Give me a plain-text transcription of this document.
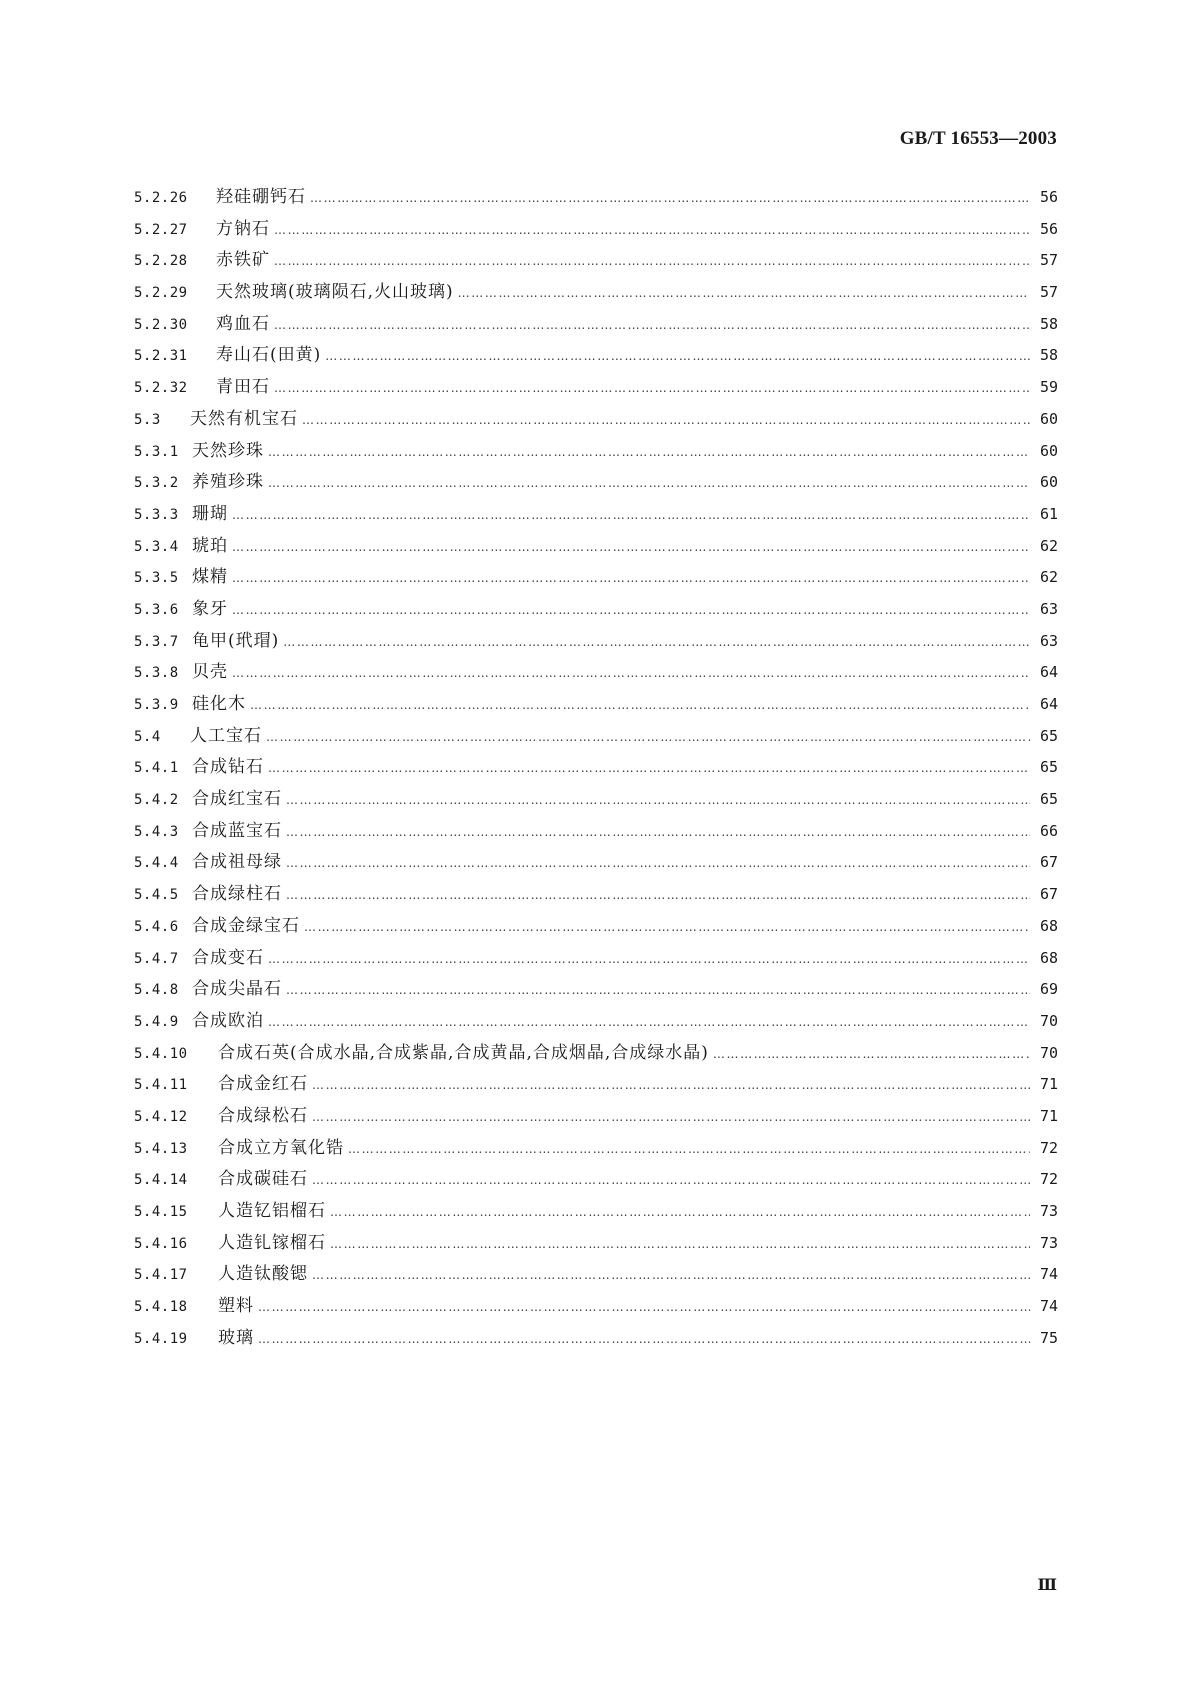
GB/T 16553—2003
5.2.26	羟硅硼钙石 …………………………………………………………………………………………………………………………………………………………………………………………………………………………………………………	56
5.2.27	方钠石 …………………………………………………………………………………………………………………………………………………………………………………………………………………………………………………	56
5.2.28	赤铁矿 …………………………………………………………………………………………………………………………………………………………………………………………………………………………………………………	57
5.2.29	天然玻璃(玻璃陨石,火山玻璃) …………………………………………………………………………………………………………………………………………………………………………………………………………………………………………………	57
5.2.30	鸡血石 …………………………………………………………………………………………………………………………………………………………………………………………………………………………………………………	58
5.2.31	寿山石(田黄) …………………………………………………………………………………………………………………………………………………………………………………………………………………………………………………	58
5.2.32	青田石 …………………………………………………………………………………………………………………………………………………………………………………………………………………………………………………	59
5.3	天然有机宝石 …………………………………………………………………………………………………………………………………………………………………………………………………………………………………………………	60
5.3.1 天然珍珠 …………………………………………………………………………………………………………………………………………………………………………………………………………………………………………………	60
5.3.2 养殖珍珠 …………………………………………………………………………………………………………………………………………………………………………………………………………………………………………………	60
5.3.3 珊瑚 …………………………………………………………………………………………………………………………………………………………………………………………………………………………………………………	61
5.3.4 琥珀 …………………………………………………………………………………………………………………………………………………………………………………………………………………………………………………	62
5.3.5 煤精 …………………………………………………………………………………………………………………………………………………………………………………………………………………………………………………	62
5.3.6 象牙 …………………………………………………………………………………………………………………………………………………………………………………………………………………………………………………	63
5.3.7 龟甲(玳瑁) …………………………………………………………………………………………………………………………………………………………………………………………………………………………………………………	63
5.3.8 贝壳 …………………………………………………………………………………………………………………………………………………………………………………………………………………………………………………	64
5.3.9 硅化木 …………………………………………………………………………………………………………………………………………………………………………………………………………………………………………………	64
5.4	人工宝石 …………………………………………………………………………………………………………………………………………………………………………………………………………………………………………………	65
5.4.1 合成钻石 …………………………………………………………………………………………………………………………………………………………………………………………………………………………………………………	65
5.4.2 合成红宝石 …………………………………………………………………………………………………………………………………………………………………………………………………………………………………………………	65
5.4.3 合成蓝宝石 …………………………………………………………………………………………………………………………………………………………………………………………………………………………………………………	66
5.4.4 合成祖母绿 …………………………………………………………………………………………………………………………………………………………………………………………………………………………………………………	67
5.4.5 合成绿柱石 …………………………………………………………………………………………………………………………………………………………………………………………………………………………………………………	67
5.4.6 合成金绿宝石 …………………………………………………………………………………………………………………………………………………………………………………………………………………………………………………	68
5.4.7 合成变石 …………………………………………………………………………………………………………………………………………………………………………………………………………………………………………………	68
5.4.8 合成尖晶石 …………………………………………………………………………………………………………………………………………………………………………………………………………………………………………………	69
5.4.9 合成欧泊 …………………………………………………………………………………………………………………………………………………………………………………………………………………………………………………	70
5.4.10	合成石英(合成水晶,合成紫晶,合成黄晶,合成烟晶,合成绿水晶) …………………………………………………………………………………………………………………………………………………………………………………………………………………………………………………	70
5.4.11	合成金红石 …………………………………………………………………………………………………………………………………………………………………………………………………………………………………………………	71
5.4.12	合成绿松石 …………………………………………………………………………………………………………………………………………………………………………………………………………………………………………………	71
5.4.13	合成立方氧化锆 …………………………………………………………………………………………………………………………………………………………………………………………………………………………………………………	72
5.4.14	合成碳硅石 …………………………………………………………………………………………………………………………………………………………………………………………………………………………………………………	72
5.4.15	人造钇铝榴石 …………………………………………………………………………………………………………………………………………………………………………………………………………………………………………………	73
5.4.16	人造钆镓榴石 …………………………………………………………………………………………………………………………………………………………………………………………………………………………………………………	73
5.4.17	人造钛酸锶 …………………………………………………………………………………………………………………………………………………………………………………………………………………………………………………	74
5.4.18	塑料 …………………………………………………………………………………………………………………………………………………………………………………………………………………………………………………	74
5.4.19	玻璃 …………………………………………………………………………………………………………………………………………………………………………………………………………………………………………………	75
Ⅲ
